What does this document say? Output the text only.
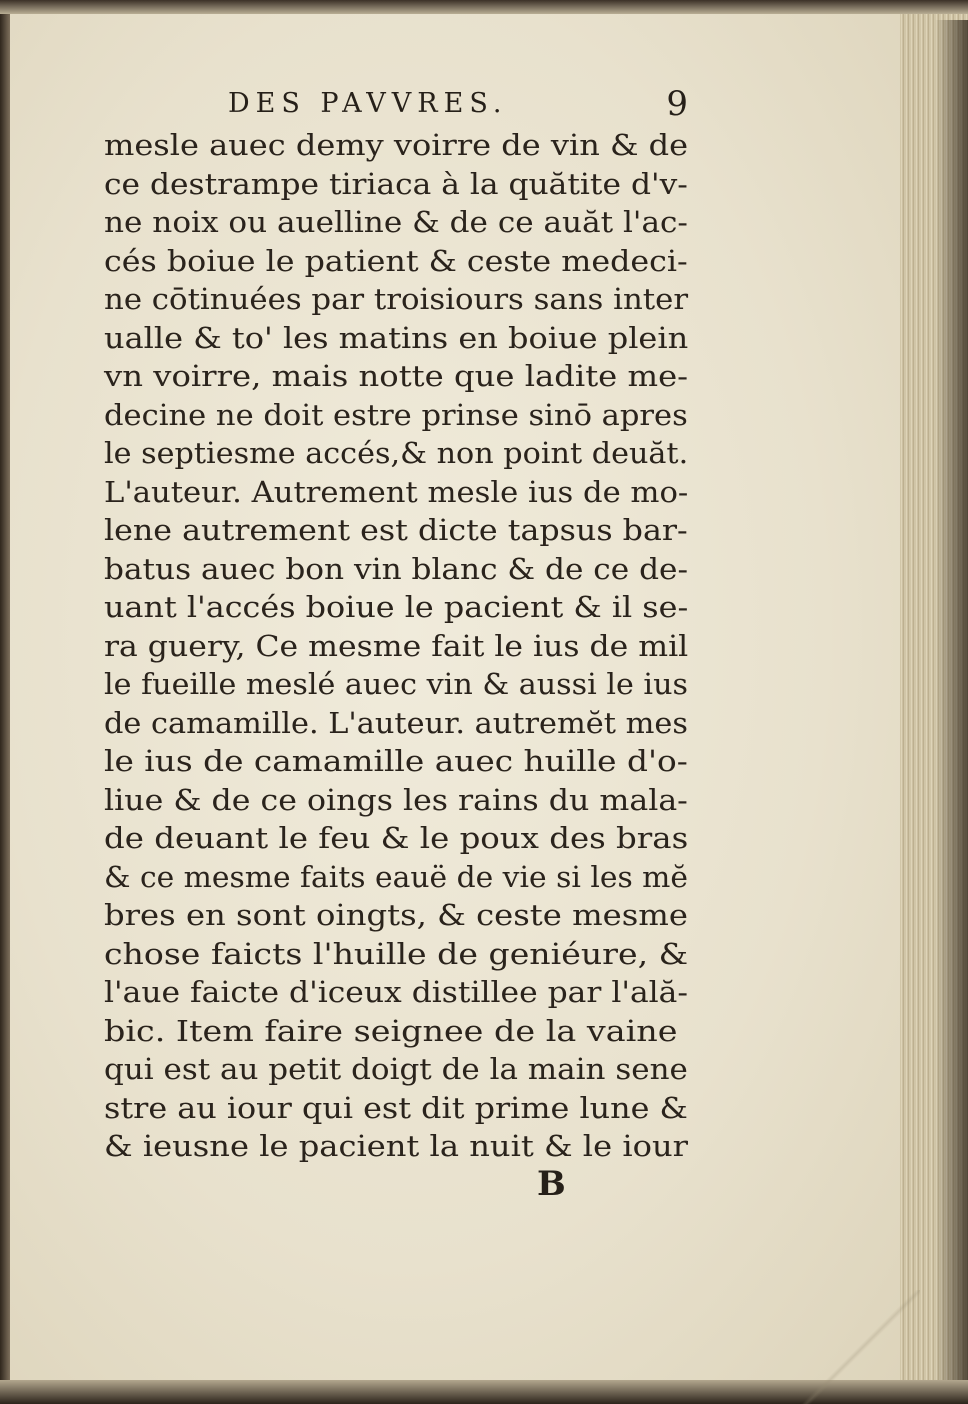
DES PAVVRES.	9
mesle auec demy voirre de vin & de
ce destrampe tiriaca à la quătite d'v-
ne noix ou auelline & de ce auăt l'ac-
cés boiue le patient & ceste medeci-
ne cōtinuées par troisiours sans inter
ualle & to' les matins en boiue plein
vn voirre, mais notte que ladite me-
decine ne doit estre prinse sinō apres
le septiesme accés,& non point deuăt.
L'auteur. Autrement mesle ius de mo-
lene autrement est dicte tapsus bar-
batus auec bon vin blanc & de ce de-
uant l'accés boiue le pacient & il se-
ra guery, Ce mesme fait le ius de mil
le fueille meslé auec vin & aussi le ius
de camamille. L'auteur. autremĕt mes
le ius de camamille auec huille d'o-
liue & de ce oings les rains du mala-
de deuant le feu & le poux des bras
& ce mesme faits eauë de vie si les mĕ
bres en sont oingts, & ceste mesme
chose faicts l'huille de geniéure, &
l'aue faicte d'iceux distillee par l'ală-
bic. Item faire seignee de la vaine
qui est au petit doigt de la main sene
stre au iour qui est dit prime lune &
& ieusne le pacient la nuit & le iour
B
